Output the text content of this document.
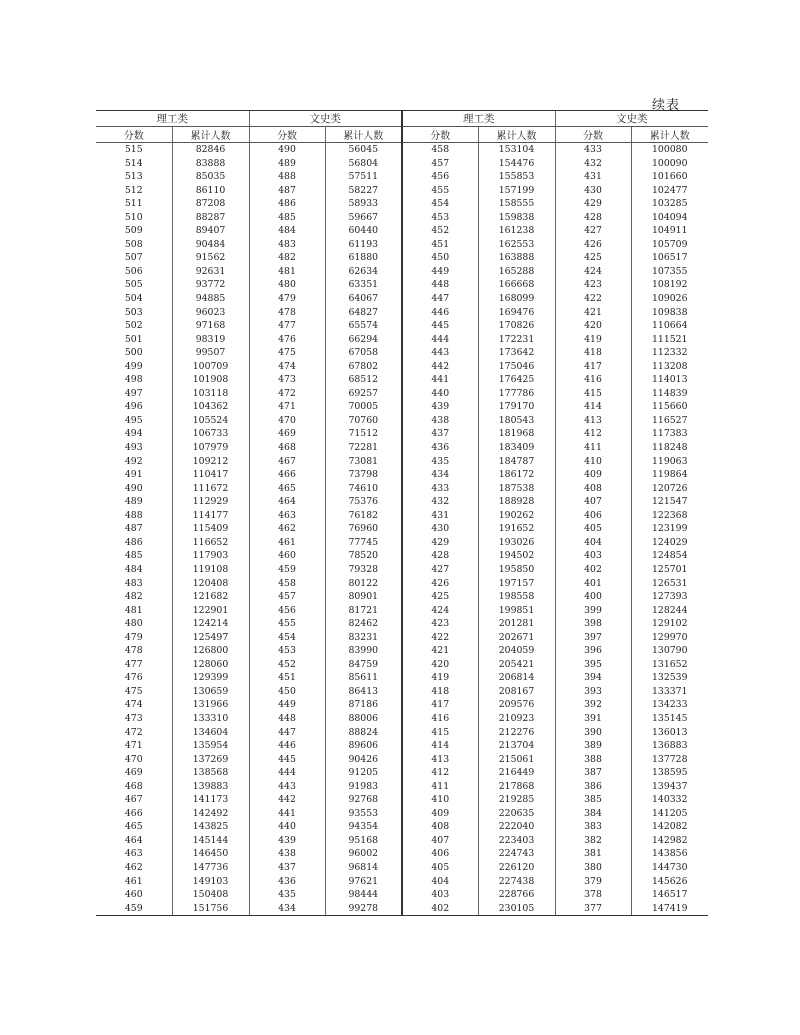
续表
理工类		文史类		理工类		文史类	
分数	累计人数	分数	累计人数	分数	累计人数	分数	累计人数
515	82846	490	56045	458	153104	433	100080
514	83888	489	56804	457	154476	432	100090
513	85035	488	57511	456	155853	431	101660
512	86110	487	58227	455	157199	430	102477
511	87208	486	58933	454	158555	429	103285
510	88287	485	59667	453	159838	428	104094
509	89407	484	60440	452	161238	427	104911
508	90484	483	61193	451	162553	426	105709
507	91562	482	61880	450	163888	425	106517
506	92631	481	62634	449	165288	424	107355
505	93772	480	63351	448	166668	423	108192
504	94885	479	64067	447	168099	422	109026
503	96023	478	64827	446	169476	421	109838
502	97168	477	65574	445	170826	420	110664
501	98319	476	66294	444	172231	419	111521
500	99507	475	67058	443	173642	418	112332
499	100709	474	67802	442	175046	417	113208
498	101908	473	68512	441	176425	416	114013
497	103118	472	69257	440	177786	415	114839
496	104362	471	70005	439	179170	414	115660
495	105524	470	70760	438	180543	413	116527
494	106733	469	71512	437	181968	412	117383
493	107979	468	72281	436	183409	411	118248
492	109212	467	73081	435	184787	410	119063
491	110417	466	73798	434	186172	409	119864
490	111672	465	74610	433	187538	408	120726
489	112929	464	75376	432	188928	407	121547
488	114177	463	76182	431	190262	406	122368
487	115409	462	76960	430	191652	405	123199
486	116652	461	77745	429	193026	404	124029
485	117903	460	78520	428	194502	403	124854
484	119108	459	79328	427	195850	402	125701
483	120408	458	80122	426	197157	401	126531
482	121682	457	80901	425	198558	400	127393
481	122901	456	81721	424	199851	399	128244
480	124214	455	82462	423	201281	398	129102
479	125497	454	83231	422	202671	397	129970
478	126800	453	83990	421	204059	396	130790
477	128060	452	84759	420	205421	395	131652
476	129399	451	85611	419	206814	394	132539
475	130659	450	86413	418	208167	393	133371
474	131966	449	87186	417	209576	392	134233
473	133310	448	88006	416	210923	391	135145
472	134604	447	88824	415	212276	390	136013
471	135954	446	89606	414	213704	389	136883
470	137269	445	90426	413	215061	388	137728
469	138568	444	91205	412	216449	387	138595
468	139883	443	91983	411	217868	386	139437
467	141173	442	92768	410	219285	385	140332
466	142492	441	93553	409	220635	384	141205
465	143825	440	94354	408	222040	383	142082
464	145144	439	95168	407	223403	382	142982
463	146450	438	96002	406	224743	381	143856
462	147736	437	96814	405	226120	380	144730
461	149103	436	97621	404	227438	379	145626
460	150408	435	98444	403	228766	378	146517
459	151756	434	99278	402	230105	377	147419
